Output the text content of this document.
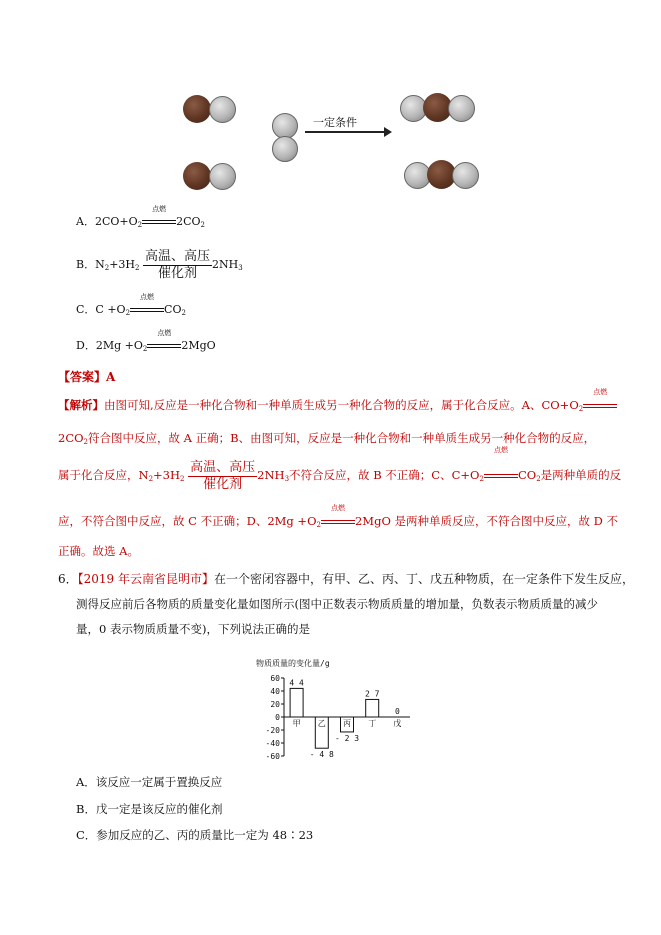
一定条件
A．$2CO+O_2$
点燃
$2CO_2$
B．$N_2+3H_2 \frac{\text{高温、高压}}{\text{催化剂}} 2NH_3$
C．$C +O_2$
点燃
$CO_2$
D．$2Mg +O_2$
点燃
2MgO
【答案】A
【解析】由图可知,反应是一种化合物和一种单质生成另一种化合物的反应，属于化合反应。A、$CO+O_2$
点燃
$2CO_2$符合图中反应，故 A 正确；B、由图可知，反应是一种化合物和一种单质生成另一种化合物的反应，
属于化合反应，$N_2+3H_2 \frac{\text{高温、高压}}{\text{催化剂}} 2NH_3$不符合反应，故 B 不正确；C、$C+O_2$
点燃
$CO_2$是两种单质的反
应，不符合图中反应，故 C 不正确；D、$2Mg +O_2$
点燃
2MgO 是两种单质反应，不符合图中反应，故 D 不
正确。故选 A。
6．【2019 年云南省昆明市】在一个密闭容器中，有甲、乙、丙、丁、戊五种物质，在一定条件下发生反应，
测得反应前后各物质的质量变化量如图所示(图中正数表示物质质量的增加量，负数表示物质质量的减少
量，0 表示物质质量不变)，下列说法正确的是
物质质量的变化量/g
60
40
20
0
-20
-40
-60
甲
4 4
乙
- 4 8
丙
- 2 3
丁
2 7
戊
0
A．该反应一定属于置换反应
B．戊一定是该反应的催化剂
C．参加反应的乙、丙的质量比一定为 48∶23
